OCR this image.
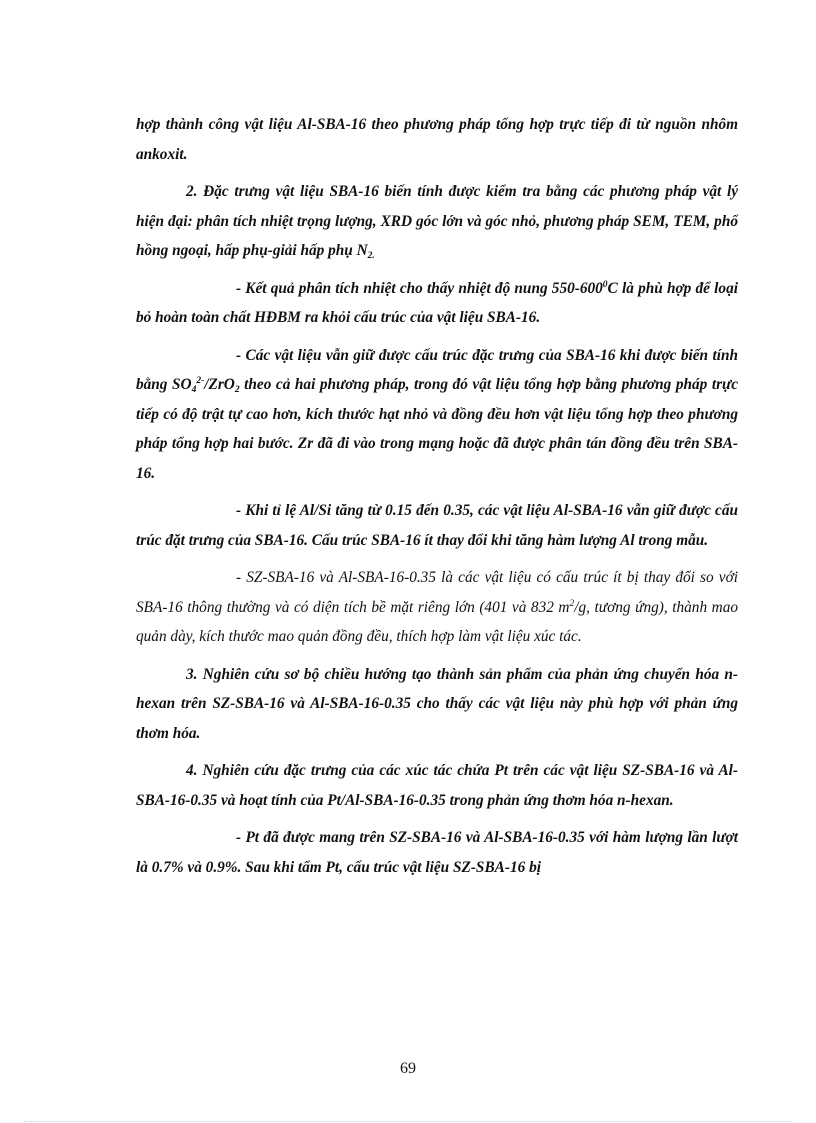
hợp thành công vật liệu Al-SBA-16 theo phương pháp tổng hợp trực tiếp đi từ nguồn nhôm ankoxit.

2. Đặc trưng vật liệu SBA-16 biến tính được kiểm tra bằng các phương pháp vật lý hiện đại: phân tích nhiệt trọng lượng, XRD góc lớn và góc nhỏ, phương pháp SEM, TEM, phổ hồng ngoại, hấp phụ-giải hấp phụ $N_{2.}$

- Kết quả phân tích nhiệt cho thấy nhiệt độ nung $550-600^0C$ là phù hợp để loại bỏ hoàn toàn chất HĐBM ra khỏi cấu trúc của vật liệu SBA-16.

- Các vật liệu vẫn giữ được cấu trúc đặc trưng của SBA-16 khi được biến tính bằng $SO_4^{2-}/ZrO_2$ theo cả hai phương pháp, trong đó vật liệu tổng hợp bằng phương pháp trực tiếp có độ trật tự cao hơn, kích thước hạt nhỏ và đồng đều hơn vật liệu tổng hợp theo phương pháp tổng hợp hai bước. Zr đã đi vào trong mạng hoặc đã được phân tán đồng đều trên SBA-16.

- Khi tỉ lệ Al/Si tăng từ 0.15 đến 0.35, các vật liệu Al-SBA-16 vẫn giữ được cấu trúc đặt trưng của SBA-16. Cấu trúc SBA-16 ít thay đổi khi tăng hàm lượng Al trong mẫu.

- SZ-SBA-16 và Al-SBA-16-0.35 là các vật liệu có cấu trúc ít bị thay đổi so với SBA-16 thông thường và có diện tích bề mặt riêng lớn (401 và 832 $m^2/g$, tương ứng), thành mao quản dày, kích thước mao quản đồng đều, thích hợp làm vật liệu xúc tác.

3. Nghiên cứu sơ bộ chiều hướng tạo thành sản phẩm của phản ứng chuyển hóa n-hexan trên SZ-SBA-16 và Al-SBA-16-0.35 cho thấy các vật liệu này phù hợp với phản ứng thơm hóa.

4. Nghiên cứu đặc trưng của các xúc tác chứa Pt trên các vật liệu SZ-SBA-16 và Al-SBA-16-0.35 và hoạt tính của Pt/Al-SBA-16-0.35 trong phản ứng thơm hóa n-hexan.

- Pt đã được mang trên SZ-SBA-16 và Al-SBA-16-0.35 với hàm lượng lần lượt là 0.7% và 0.9%. Sau khi tẩm Pt, cấu trúc vật liệu SZ-SBA-16 bị

69
